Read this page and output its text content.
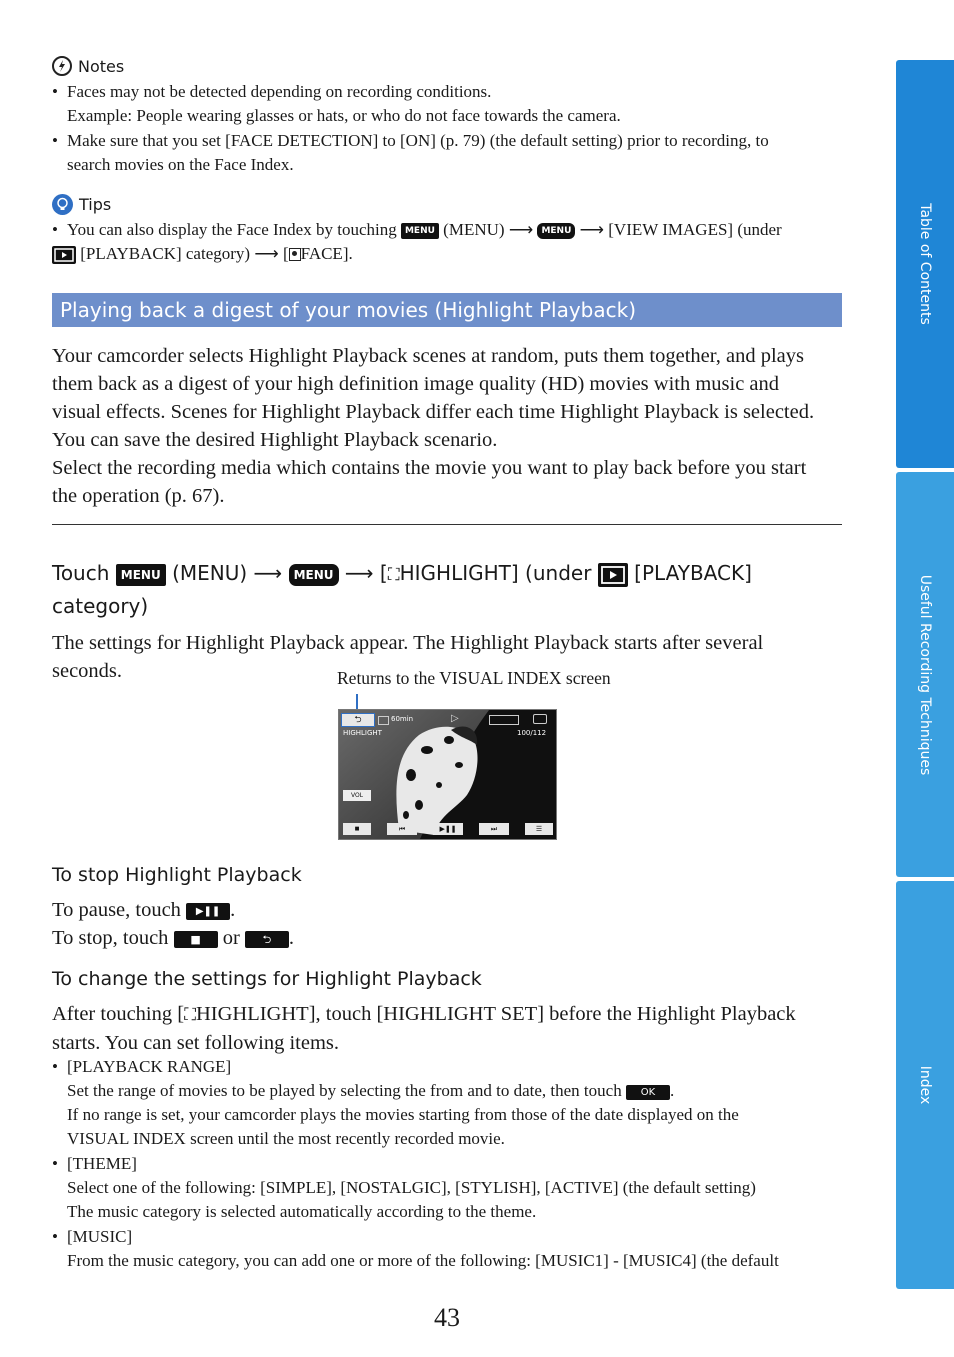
Notes
• Faces may not be detected depending on recording conditions.
Example: People wearing glasses or hats, or who do not face towards the camera.
• Make sure that you set [FACE DETECTION] to [ON] (p. 79) (the default setting) prior to recording, to
search movies on the Face Index.
Tips
• You can also display the Face Index by touching MENU (MENU) ⟶ MENU ⟶ [VIEW IMAGES] (under
[PLAYBACK] category) ⟶ [ FACE].
Playing back a digest of your movies (Highlight Playback)
Your camcorder selects Highlight Playback scenes at random, puts them together, and plays
them back as a digest of your high definition image quality (HD) movies with music and
visual effects. Scenes for Highlight Playback differ each time Highlight Playback is selected.
You can save the desired Highlight Playback scenario.
Select the recording media which contains the movie you want to play back before you start
the operation (p. 67).
Touch MENU (MENU) ⟶ MENU ⟶ [⛶HIGHLIGHT] (under [PLAYBACK]
category)
The settings for Highlight Playback appear. The Highlight Playback starts after several
seconds.	Returns to the VISUAL INDEX screen
⮌	60min	▷
HIGHLIGHT	100/112
VOL
■	⏮	▶❚❚	⏭	☰
To stop Highlight Playback
To pause, touch ▶❚❚ .
To stop, touch ■ or ⮌ .
To change the settings for Highlight Playback
After touching [⛶HIGHLIGHT], touch [HIGHLIGHT SET] before the Highlight Playback
starts. You can set following items.
• [PLAYBACK RANGE]
Set the range of movies to be played by selecting the from and to date, then touch OK .
If no range is set, your camcorder plays the movies starting from those of the date displayed on the
VISUAL INDEX screen until the most recently recorded movie.
• [THEME]
Select one of the following: [SIMPLE], [NOSTALGIC], [STYLISH], [ACTIVE] (the default setting)
The music category is selected automatically according to the theme.
• [MUSIC]
From the music category, you can add one or more of the following: [MUSIC1] - [MUSIC4] (the default
43
Table of Contents
Useful Recording Techniques
Index
